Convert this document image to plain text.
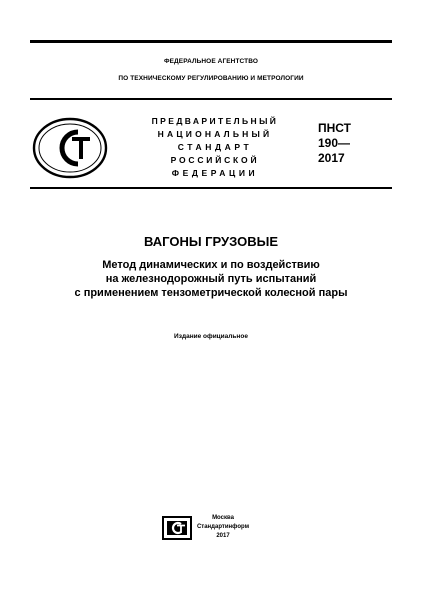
ФЕДЕРАЛЬНОЕ АГЕНТСТВО
ПО ТЕХНИЧЕСКОМУ РЕГУЛИРОВАНИЮ И МЕТРОЛОГИИ
ПРЕДВАРИТЕЛЬНЫЙ
НАЦИОНАЛЬНЫЙ
СТАНДАРТ
РОССИЙСКОЙ
ФЕДЕРАЦИИ
ПНСТ
190—
2017
ВАГОНЫ ГРУЗОВЫЕ
Метод динамических и по воздействию
на железнодорожный путь испытаний
с применением тензометрической колесной пары
Издание официальное
Москва
Стандартинформ
2017
